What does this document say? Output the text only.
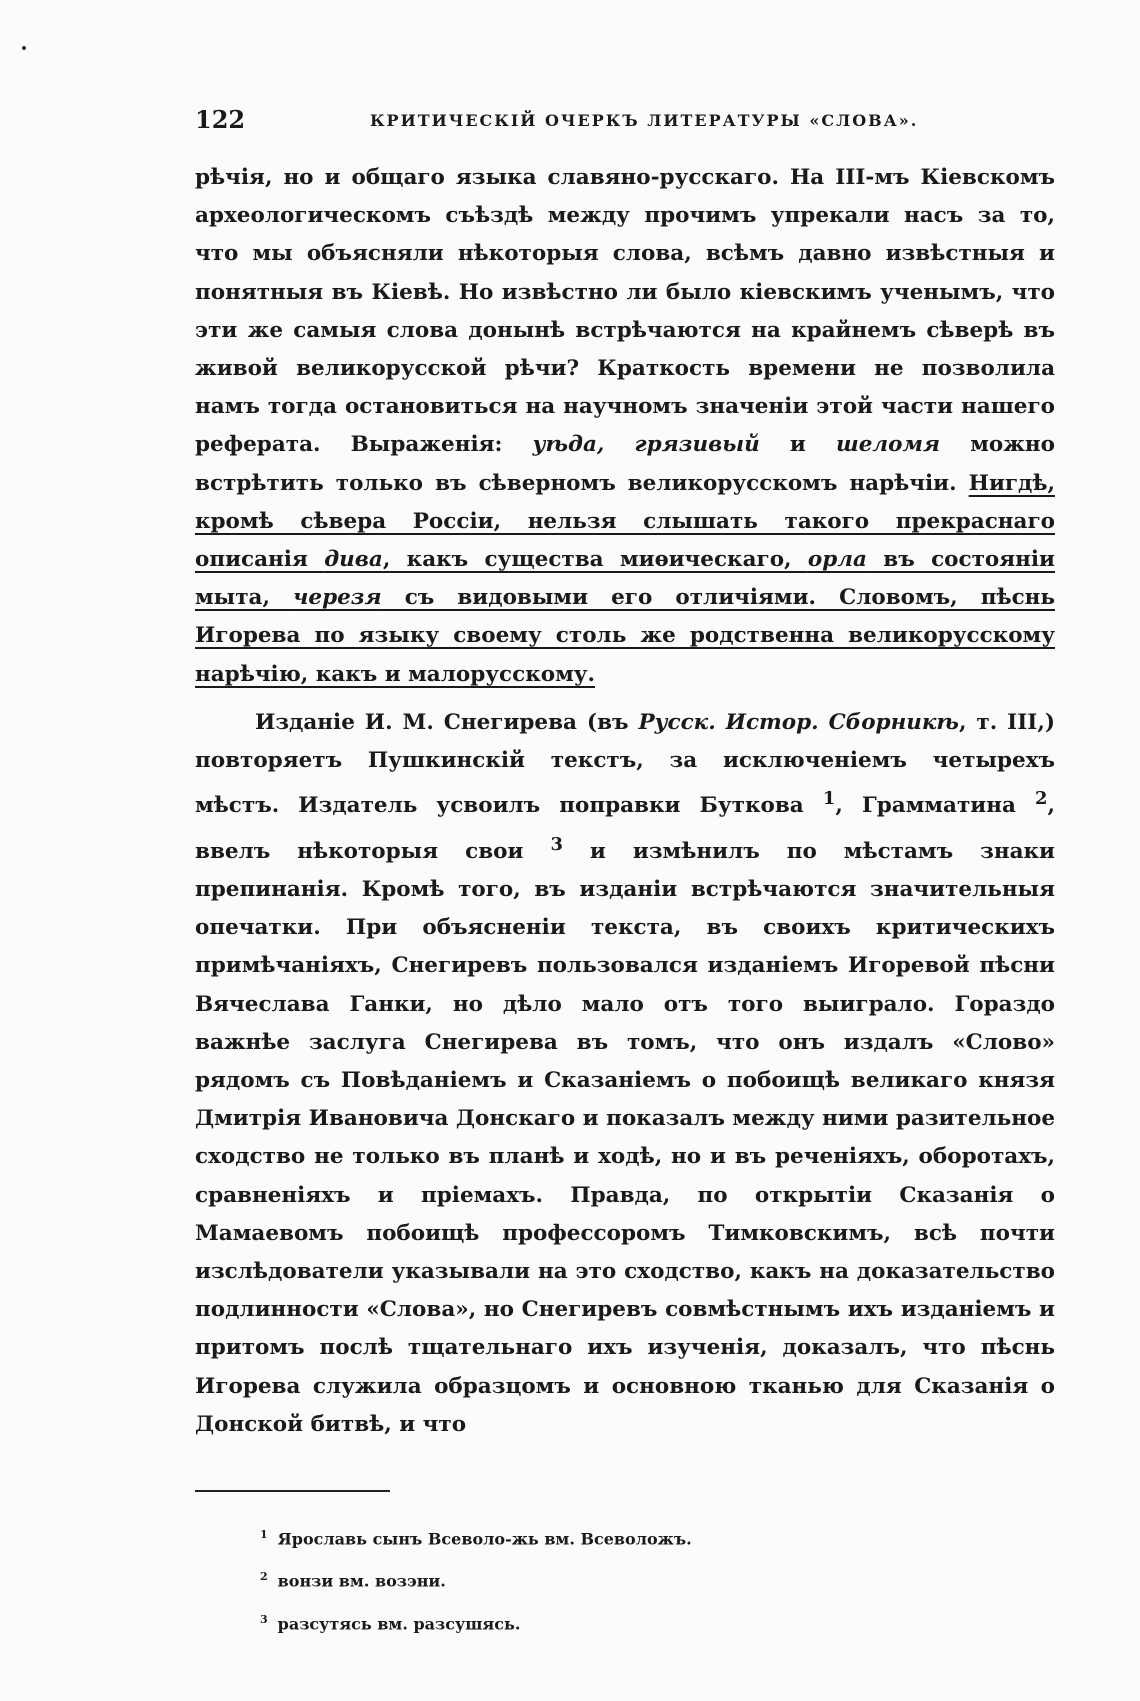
122	КРИТИЧЕСКІЙ ОЧЕРКЪ ЛИТЕРАТУРЫ «СЛОВА».

рѣчія, но и общаго языка славяно-русскаго. На III-мъ Кіевскомъ археологическомъ съѣздѣ между прочимъ упрекали насъ за то, что мы объясняли нѣкоторыя слова, всѣмъ давно извѣстныя и понятныя въ Кіевѣ. Но извѣстно ли было кіевскимъ ученымъ, что эти же самыя слова донынѣ встрѣчаются на крайнемъ сѣверѣ въ живой великорусской рѣчи? Краткость времени не позволила намъ тогда остановиться на научномъ значеніи этой части нашего реферата. Выраженія: уѣда, грязивый и шеломя можно встрѣтить только въ сѣверномъ великорусскомъ нарѣчіи. Нигдѣ, кромѣ сѣвера Россіи, нельзя слышать такого прекраснаго описанія дива, какъ существа миѳическаго, орла въ состояніи мыта, черезя съ видовыми его отличіями. Словомъ, пѣснь Игорева по языку своему столь же родственна великорусскому нарѣчію, какъ и малорусскому.

Изданіе И. М. Снегирева (въ Русск. Истор. Сборникѣ, т. III,) повторяетъ Пушкинскій текстъ, за исключеніемъ четырехъ мѣстъ. Издатель усвоилъ поправки Буткова $^1$, Грамматина $^2$, ввелъ нѣкоторыя свои $^3$ и измѣнилъ по мѣстамъ знаки препинанія. Кромѣ того, въ изданіи встрѣчаются значительныя опечатки. При объясненіи текста, въ своихъ критическихъ примѣчаніяхъ, Снегиревъ пользовался изданіемъ Игоревой пѣсни Вячеслава Ганки, но дѣло мало отъ того выиграло. Гораздо важнѣе заслуга Снегирева въ томъ, что онъ издалъ «Слово» рядомъ съ Повѣданіемъ и Сказаніемъ о побоищѣ великаго князя Дмитрія Ивановича Донскаго и показалъ между ними разительное сходство не только въ планѣ и ходѣ, но и въ реченіяхъ, оборотахъ, сравненіяхъ и пріемахъ. Правда, по открытіи Сказанія о Мамаевомъ побоищѣ профессоромъ Тимковскимъ, всѣ почти изслѣдователи указывали на это сходство, какъ на доказательство подлинности «Слова», но Снегиревъ совмѣстнымъ ихъ изданіемъ и притомъ послѣ тщательнаго ихъ изученія, доказалъ, что пѣснь Игорева служила образцомъ и основною тканью для Сказанія о Донской битвѣ, и что

$^1$ Ярославь сынъ Всеволо-жь вм. Всеволожъ.
$^2$ вонзи вм. возэни.
$^3$ разсутясь вм. разсушясь.
